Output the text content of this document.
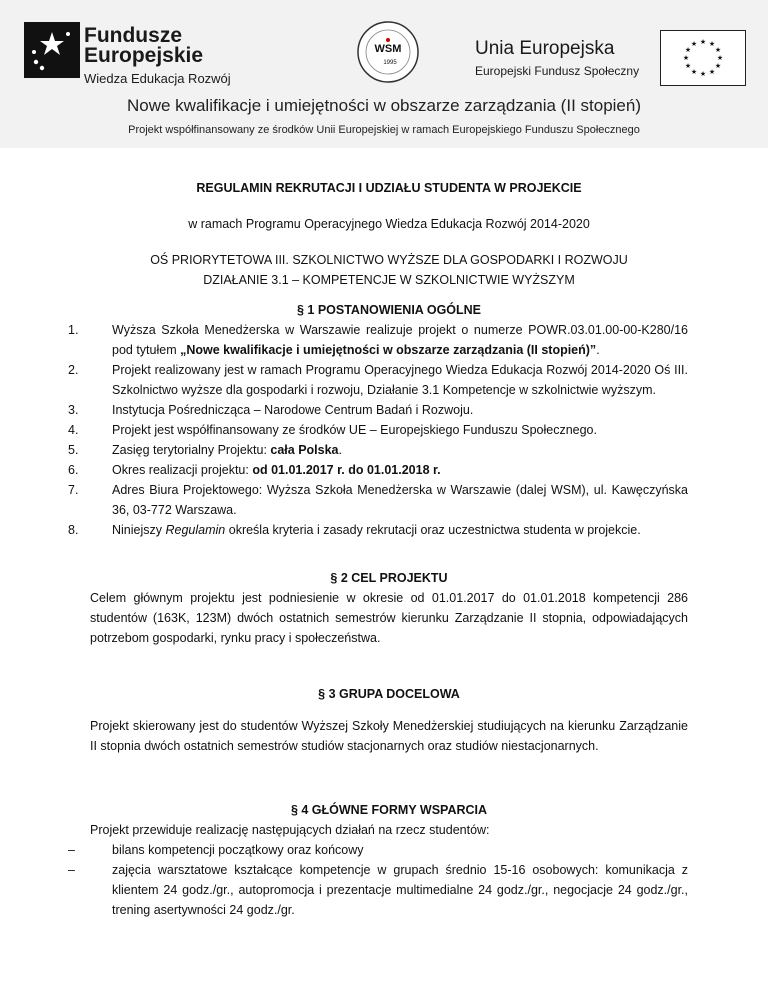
Fundusze
Europejskie
Wiedza Edukacja Rozwój
WSM
1995
Unia Europejska
Europejski Fundusz Społeczny
★ ★
★
★
★
★
★
★
★
★
★
★
Nowe kwalifikacje i umiejętności w obszarze zarządzania (II stopień)
Projekt współfinansowany ze środków Unii Europejskiej w ramach Europejskiego Funduszu Społecznego
REGULAMIN REKRUTACJI I UDZIAŁU STUDENTA W PROJEKCIE
w ramach Programu Operacyjnego Wiedza Edukacja Rozwój 2014-2020
OŚ PRIORYTETOWA III. SZKOLNICTWO WYŻSZE DLA GOSPODARKI I ROZWOJU
DZIAŁANIE 3.1 – KOMPETENCJE W SZKOLNICTWIE WYŻSZYM
§ 1 POSTANOWIENIA OGÓLNE
1.	Wyższa Szkoła Menedżerska w Warszawie realizuje projekt o numerze POWR.03.01.00-00-K280/16 pod tytułem „Nowe kwalifikacje i umiejętności w obszarze zarządzania (II stopień)”.
2.	Projekt realizowany jest w ramach Programu Operacyjnego Wiedza Edukacja Rozwój 2014-2020 Oś III. Szkolnictwo wyższe dla gospodarki i rozwoju, Działanie 3.1 Kompetencje w szkolnictwie wyższym.
3.	Instytucja Pośrednicząca – Narodowe Centrum Badań i Rozwoju.
4.	Projekt jest współfinansowany ze środków UE – Europejskiego Funduszu Społecznego.
5.	Zasięg terytorialny Projektu: cała Polska.
6.	Okres realizacji projektu: od 01.01.2017 r. do 01.01.2018 r.
7.	Adres Biura Projektowego: Wyższa Szkoła Menedżerska w Warszawie (dalej WSM), ul. Kawęczyńska 36, 03-772 Warszawa.
8.	Niniejszy Regulamin określa kryteria i zasady rekrutacji oraz uczestnictwa studenta w projekcie.
§ 2 CEL PROJEKTU
Celem głównym projektu jest podniesienie w okresie od 01.01.2017 do 01.01.2018 kompetencji 286 studentów (163K, 123M) dwóch ostatnich semestrów kierunku Zarządzanie II stopnia, odpowiadających potrzebom gospodarki, rynku pracy i społeczeństwa.
§ 3 GRUPA DOCELOWA
Projekt skierowany jest do studentów Wyższej Szkoły Menedżerskiej studiujących na kierunku Zarządzanie II stopnia dwóch ostatnich semestrów studiów stacjonarnych oraz studiów niestacjonarnych.
§ 4 GŁÓWNE FORMY WSPARCIA
Projekt przewiduje realizację następujących działań na rzecz studentów:
–	bilans kompetencji początkowy oraz końcowy
–	zajęcia warsztatowe kształcące kompetencje w grupach średnio 15-16 osobowych: komunikacja z klientem 24 godz./gr., autopromocja i prezentacje multimedialne 24 godz./gr., negocjacje 24 godz./gr., trening asertywności 24 godz./gr.
